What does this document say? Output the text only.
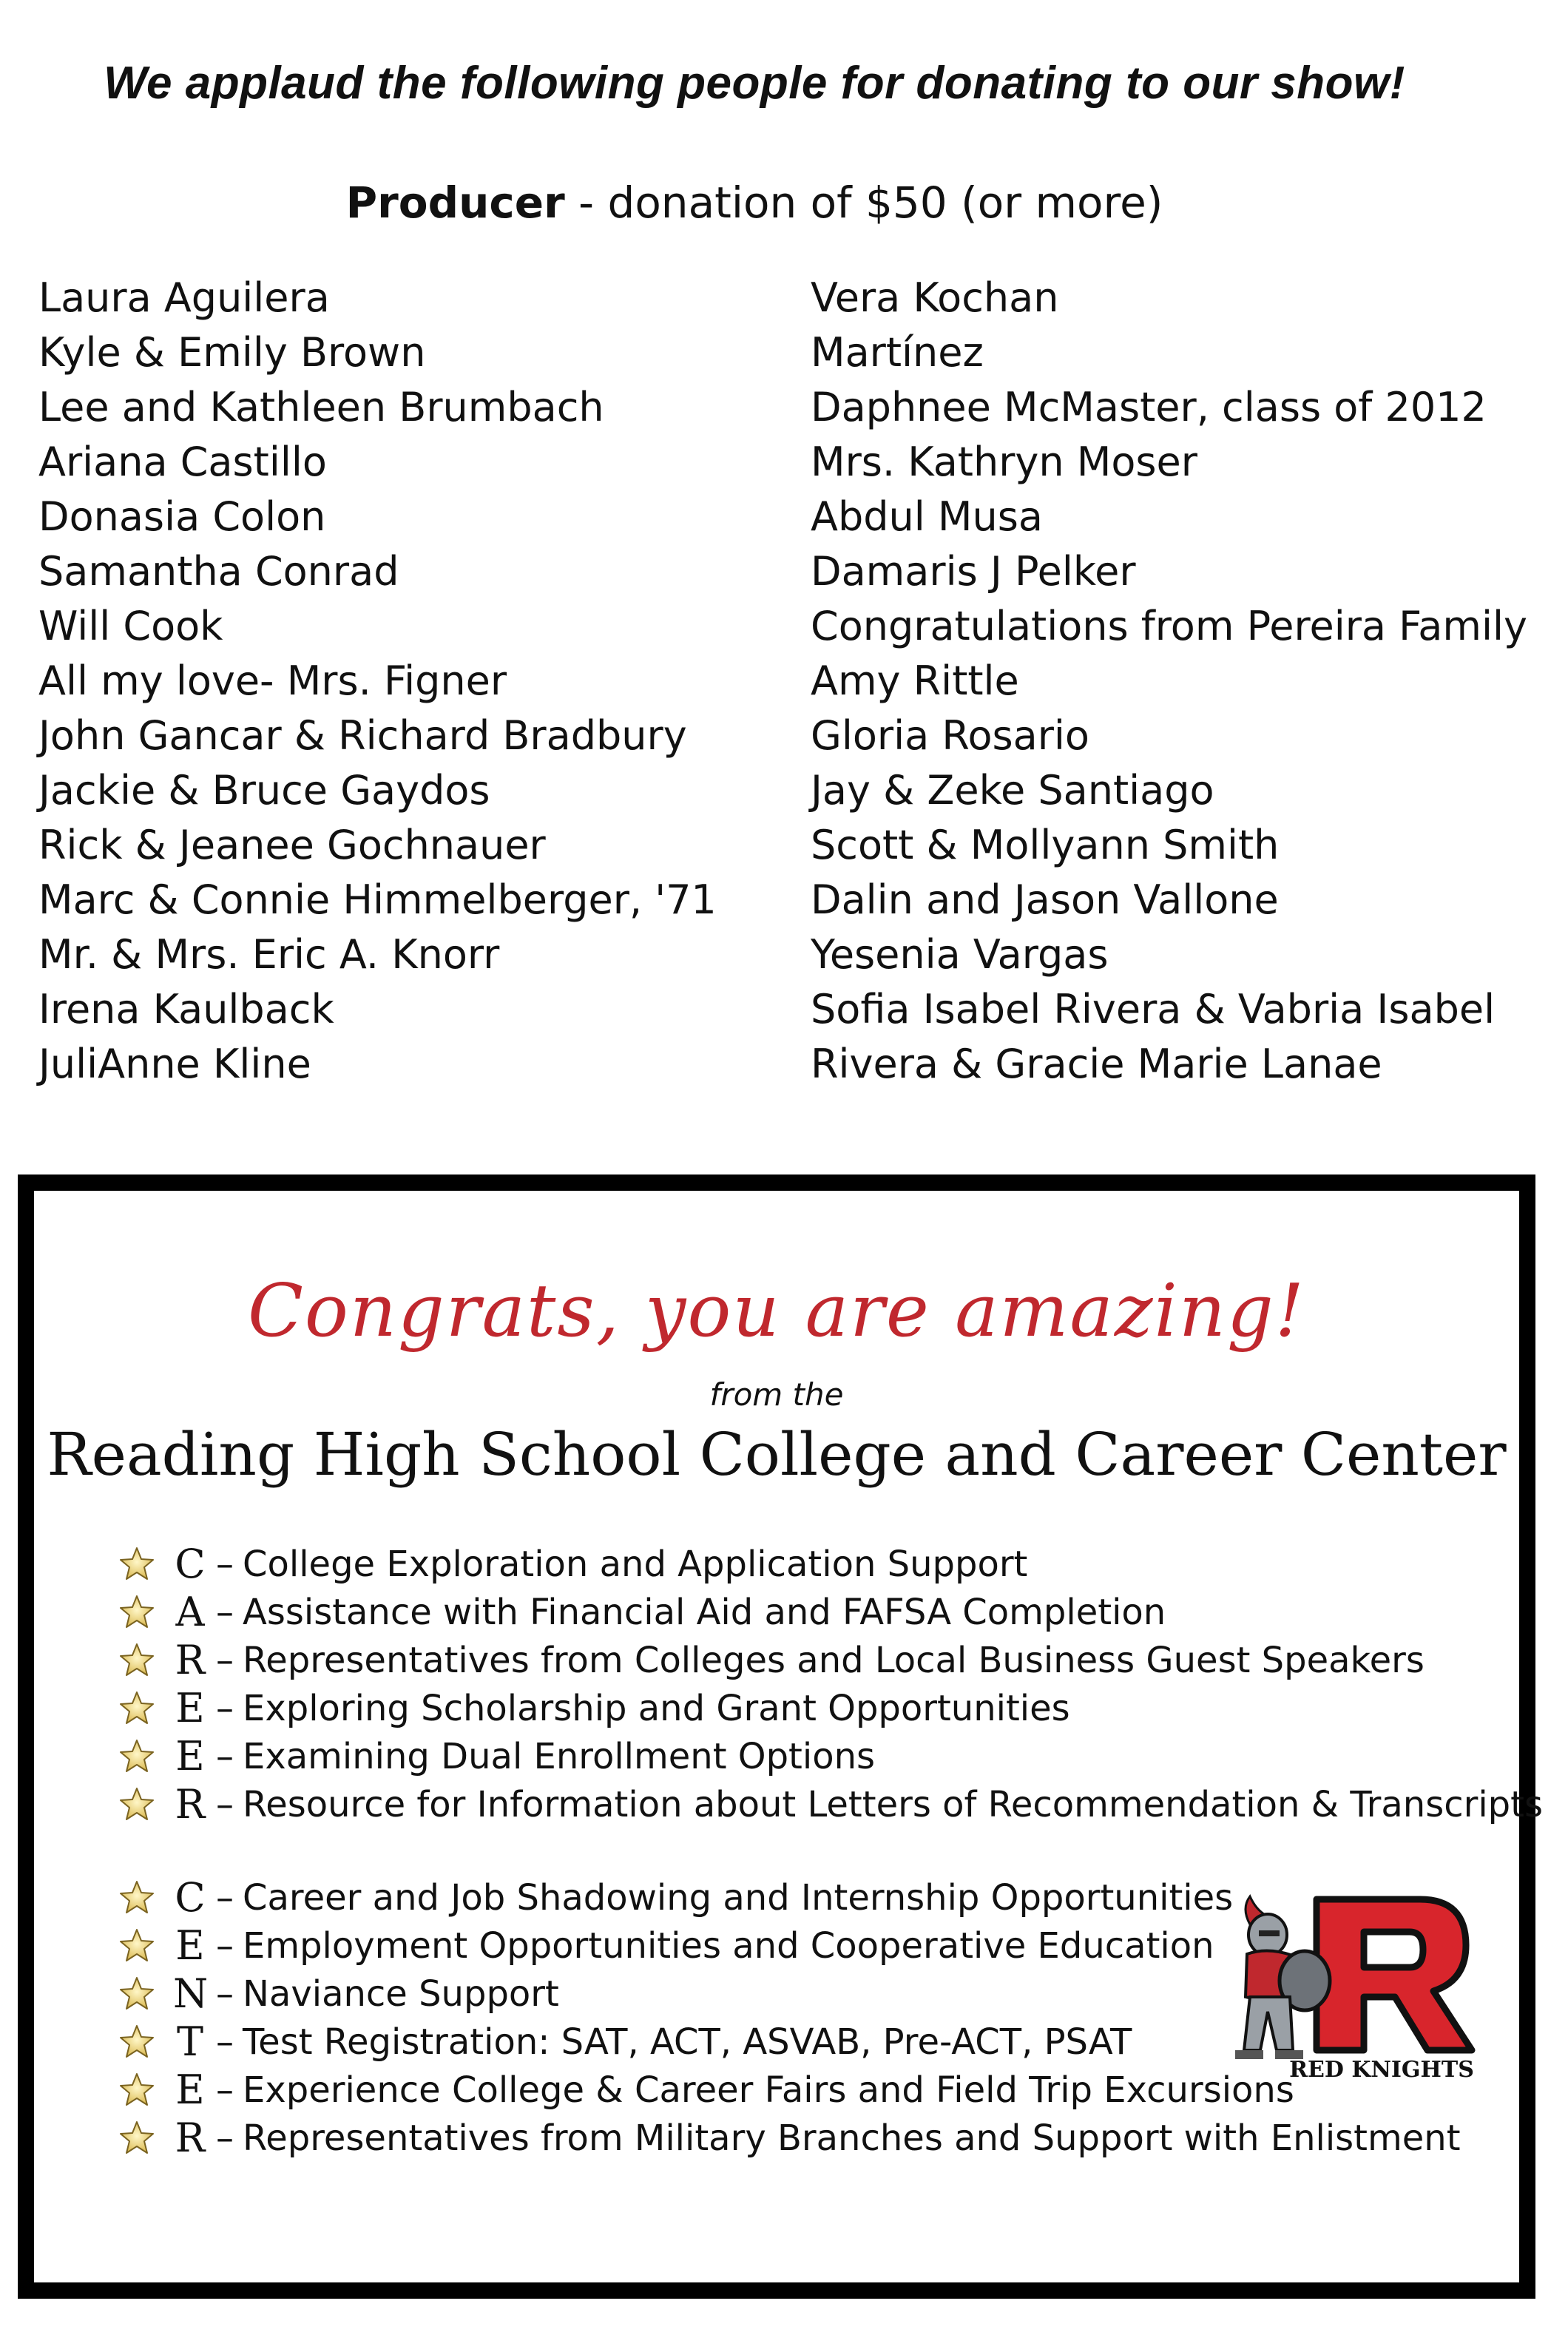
We applaud the following people for donating to our show!
Producer - donation of $50 (or more)
Laura Aguilera
Kyle & Emily Brown
Lee and Kathleen Brumbach
Ariana Castillo
Donasia Colon
Samantha Conrad
Will Cook
All my love- Mrs. Figner
John Gancar & Richard Bradbury
Jackie & Bruce Gaydos
Rick & Jeanee Gochnauer
Marc & Connie Himmelberger, '71
Mr. & Mrs. Eric A. Knorr
Irena Kaulback
JuliAnne Kline
Vera Kochan
Martínez
Daphnee McMaster, class of 2012
Mrs. Kathryn Moser
Abdul Musa
Damaris J Pelker
Congratulations from Pereira Family
Amy Rittle
Gloria Rosario
Jay & Zeke Santiago
Scott & Mollyann Smith
Dalin and Jason Vallone
Yesenia Vargas
Sofia Isabel Rivera & Vabria Isabel
Rivera & Gracie Marie Lanae
Congrats, you are amazing!
from the
Reading High School College and Career Center
C – College Exploration and Application Support
A – Assistance with Financial Aid and FAFSA Completion
R – Representatives from Colleges and Local Business Guest Speakers
E – Exploring Scholarship and Grant Opportunities
E – Examining Dual Enrollment Options
R – Resource for Information about Letters of Recommendation & Transcripts
C – Career and Job Shadowing and Internship Opportunities
E – Employment Opportunities and Cooperative Education
N – Naviance Support
T – Test Registration: SAT, ACT, ASVAB, Pre-ACT, PSAT
E – Experience College & Career Fairs and Field Trip Excursions
R – Representatives from Military Branches and Support with Enlistment
RED KNIGHTS
